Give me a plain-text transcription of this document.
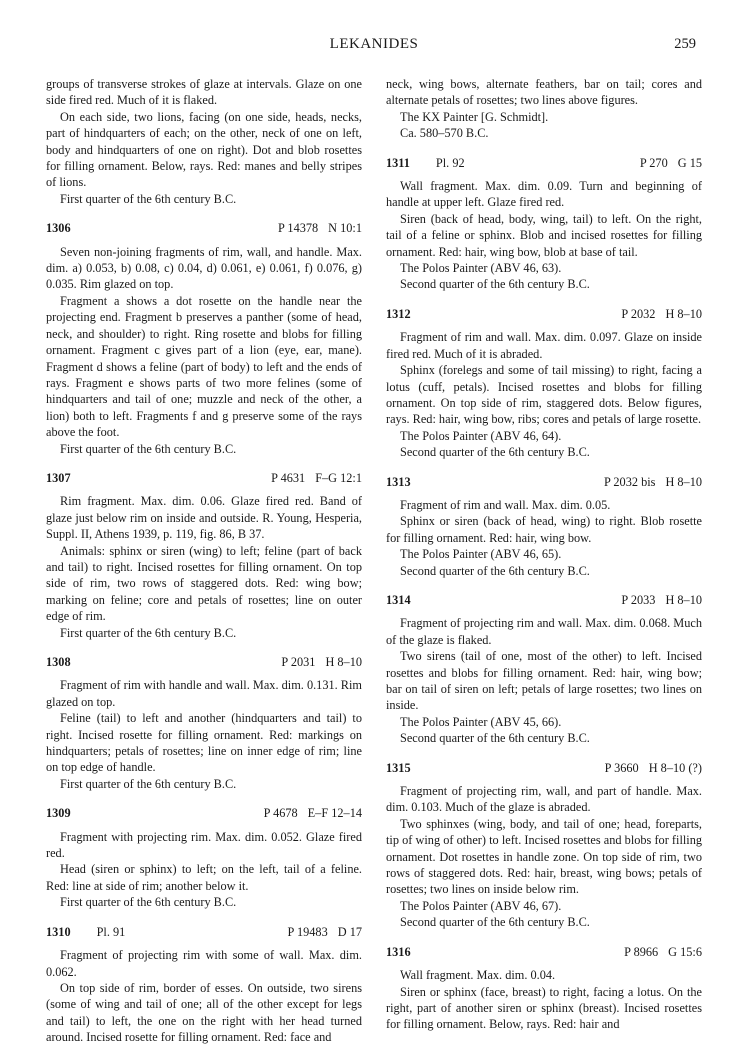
LEKANIDES	259

groups of transverse strokes of glaze at intervals. Glaze on one side fired red. Much of it is flaked.

On each side, two lions, facing (on one side, heads, necks, part of hindquarters of each; on the other, neck of one on left, body and hindquarters of one on right). Dot and blob rosettes for filling ornament. Below, rays. Red: manes and belly stripes of lions.

First quarter of the 6th century B.C.

1306	P 14378 N 10:1

Seven non-joining fragments of rim, wall, and handle. Max. dim. a) 0.053, b) 0.08, c) 0.04, d) 0.061, e) 0.061, f) 0.076, g) 0.035. Rim glazed on top.

Fragment a shows a dot rosette on the handle near the projecting end. Fragment b preserves a panther (some of head, neck, and shoulder) to right. Ring rosette and blobs for filling ornament. Fragment c gives part of a lion (eye, ear, mane). Fragment d shows a feline (part of body) to left and the ends of rays. Fragment e shows parts of two more felines (some of hindquarters and tail of one; muzzle and neck of the other, a lion) both to left. Fragments f and g preserve some of the rays above the foot.

First quarter of the 6th century B.C.

1307	P 4631 F–G 12:1

Rim fragment. Max. dim. 0.06. Glaze fired red. Band of glaze just below rim on inside and outside. R. Young, Hesperia, Suppl. II, Athens 1939, p. 119, fig. 86, B 37.

Animals: sphinx or siren (wing) to left; feline (part of back and tail) to right. Incised rosettes for filling ornament. On top side of rim, two rows of staggered dots. Red: wing bow; marking on feline; core and petals of rosettes; line on outer edge of rim.

First quarter of the 6th century B.C.

1308	P 2031 H 8–10

Fragment of rim with handle and wall. Max. dim. 0.131. Rim glazed on top.

Feline (tail) to left and another (hindquarters and tail) to right. Incised rosette for filling ornament. Red: markings on hindquarters; petals of rosettes; line on inner edge of rim; line on top edge of handle.

First quarter of the 6th century B.C.

1309	P 4678 E–F 12–14

Fragment with projecting rim. Max. dim. 0.052. Glaze fired red.

Head (siren or sphinx) to left; on the left, tail of a feline. Red: line at side of rim; another below it.

First quarter of the 6th century B.C.

1310 Pl. 91	P 19483 D 17

Fragment of projecting rim with some of wall. Max. dim. 0.062.

On top side of rim, border of esses. On outside, two sirens (some of wing and tail of one; all of the other except for legs and tail) to left, the one on the right with her head turned around. Incised rosette for filling ornament. Red: face and

neck, wing bows, alternate feathers, bar on tail; cores and alternate petals of rosettes; two lines above figures.

The KX Painter [G. Schmidt].

Ca. 580–570 B.C.

1311 Pl. 92	P 270 G 15

Wall fragment. Max. dim. 0.09. Turn and beginning of handle at upper left. Glaze fired red.

Siren (back of head, body, wing, tail) to left. On the right, tail of a feline or sphinx. Blob and incised rosettes for filling ornament. Red: hair, wing bow, blob at base of tail.

The Polos Painter (ABV 46, 63).

Second quarter of the 6th century B.C.

1312	P 2032 H 8–10

Fragment of rim and wall. Max. dim. 0.097. Glaze on inside fired red. Much of it is abraded.

Sphinx (forelegs and some of tail missing) to right, facing a lotus (cuff, petals). Incised rosettes and blobs for filling ornament. On top side of rim, staggered dots. Below figures, rays. Red: hair, wing bow, ribs; cores and petals of large rosette.

The Polos Painter (ABV 46, 64).

Second quarter of the 6th century B.C.

1313	P 2032 bis H 8–10

Fragment of rim and wall. Max. dim. 0.05.

Sphinx or siren (back of head, wing) to right. Blob rosette for filling ornament. Red: hair, wing bow.

The Polos Painter (ABV 46, 65).

Second quarter of the 6th century B.C.

1314	P 2033 H 8–10

Fragment of projecting rim and wall. Max. dim. 0.068. Much of the glaze is flaked.

Two sirens (tail of one, most of the other) to left. Incised rosettes and blobs for filling ornament. Red: hair, wing bow; bar on tail of siren on left; petals of large rosettes; two lines on inside.

The Polos Painter (ABV 45, 66).

Second quarter of the 6th century B.C.

1315	P 3660 H 8–10 (?)

Fragment of projecting rim, wall, and part of handle. Max. dim. 0.103. Much of the glaze is abraded.

Two sphinxes (wing, body, and tail of one; head, foreparts, tip of wing of other) to left. Incised rosettes and blobs for filling ornament. Dot rosettes in handle zone. On top side of rim, two rows of staggered dots. Red: hair, breast, wing bows; petals of rosettes; two lines on inside below rim.

The Polos Painter (ABV 46, 67).

Second quarter of the 6th century B.C.

1316	P 8966 G 15:6

Wall fragment. Max. dim. 0.04.

Siren or sphinx (face, breast) to right, facing a lotus. On the right, part of another siren or sphinx (breast). Incised rosettes for filling ornament. Below, rays. Red: hair and
